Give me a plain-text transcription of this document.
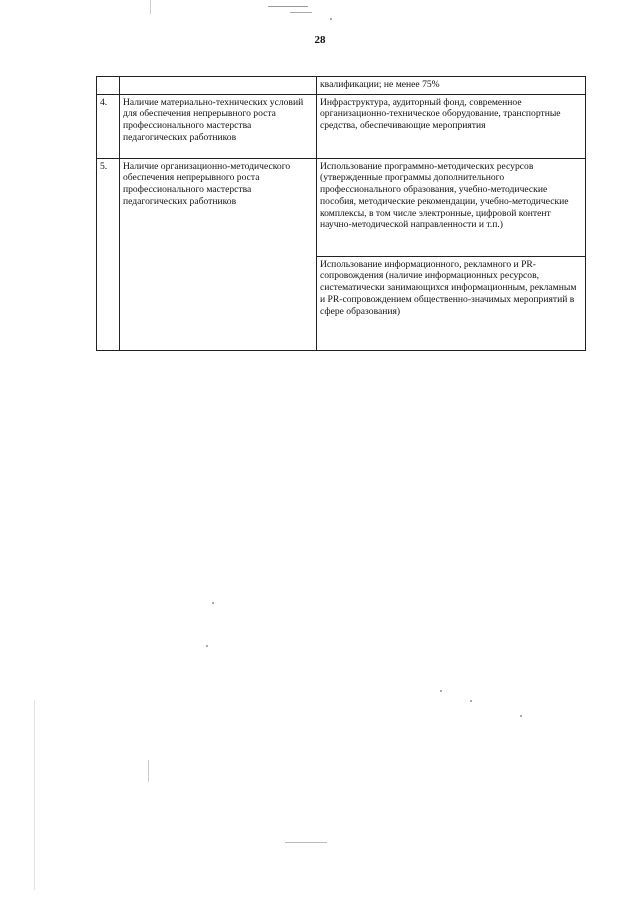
28
		квалификации; не менее 75%
4.	Наличие материально-технических условий для обеспечения непрерывного роста профессионального мастерства педагогических работников	Инфраструктура, аудиторный фонд, современное организационно-техническое оборудование, транспортные средства, обеспечивающие мероприятия
5.	Наличие организационно-методического обеспечения непрерывного роста профессионального мастерства педагогических работников	Использование программно-методических ресурсов (утвержденные программы дополнительного профессионального образования, учебно-методические пособия, методические рекомендации, учебно-методические комплексы, в том числе электронные, цифровой контент научно-методической направленности и т.п.)
		Использование информационного, рекламного и PR-сопровождения (наличие информационных ресурсов, систематически занимающихся информационным, рекламным и PR-сопровождением общественно-значимых мероприятий в сфере образования)
